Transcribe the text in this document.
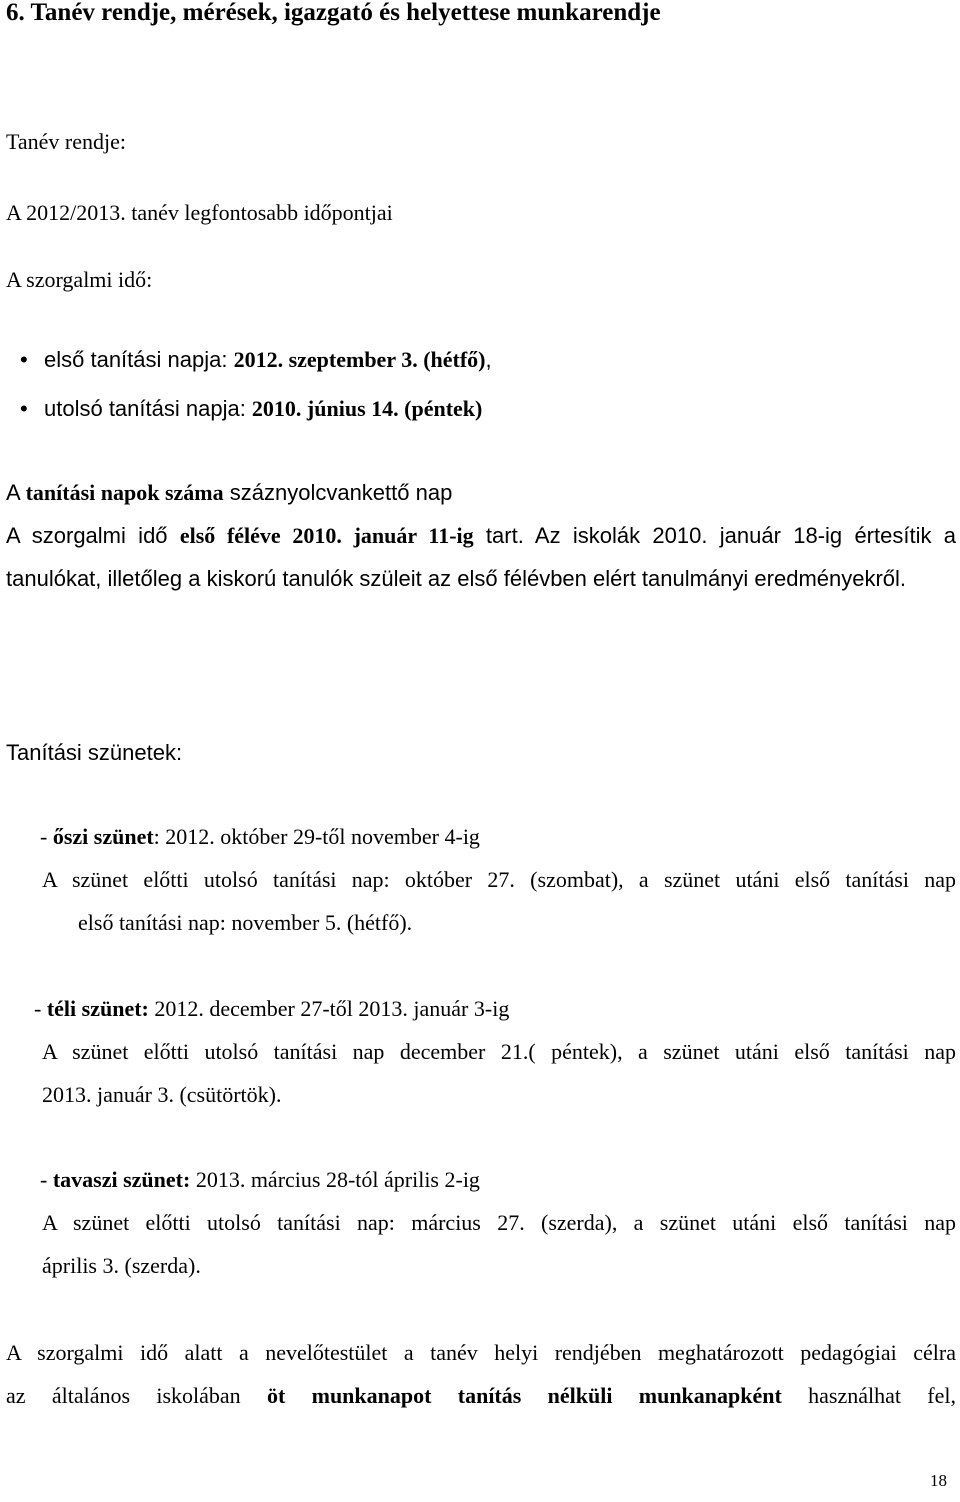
6. Tanév rendje, mérések, igazgató és helyettese munkarendje
Tanév rendje:
A 2012/2013. tanév legfontosabb időpontjai
A szorgalmi idő:
• első tanítási napja: 2012. szeptember 3. (hétfő),
• utolsó tanítási napja: 2010. június 14. (péntek)
A tanítási napok száma száznyolcvankettő nap
A szorgalmi idő első féléve 2010. január 11-ig tart. Az iskolák 2010. január 18-ig értesítik a
tanulókat, illetőleg a kiskorú tanulók szüleit az első félévben elért tanulmányi eredményekről.
Tanítási szünetek:
- őszi szünet: 2012. október 29-től november 4-ig
A szünet előtti utolsó tanítási nap: október 27. (szombat), a szünet utáni első tanítási nap
első tanítási nap: november 5. (hétfő).
- téli szünet: 2012. december 27-től 2013. január 3-ig
A szünet előtti utolsó tanítási nap december 21.( péntek), a szünet utáni első tanítási nap
2013. január 3. (csütörtök).
- tavaszi szünet: 2013. március 28-tól április 2-ig
A szünet előtti utolsó tanítási nap: március 27. (szerda), a szünet utáni első tanítási nap
április 3. (szerda).
A szorgalmi idő alatt a nevelőtestület a tanév helyi rendjében meghatározott pedagógiai célra
az általános iskolában öt munkanapot tanítás nélküli munkanapként használhat fel,
18
